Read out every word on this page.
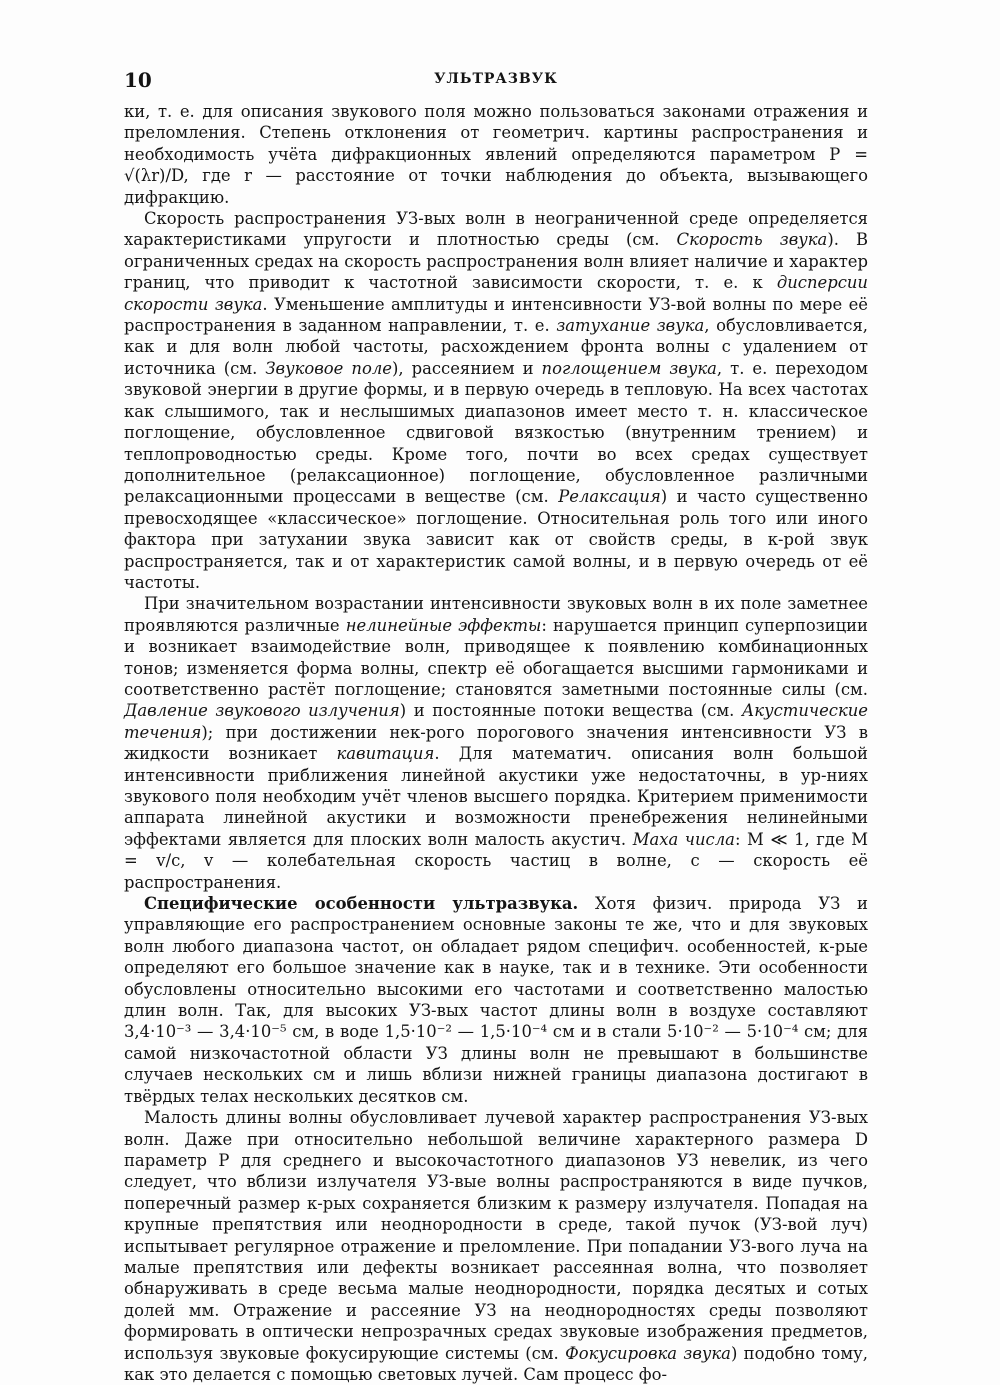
10	УЛЬТРАЗВУК

ки, т. е. для описания звукового поля можно пользоваться законами отражения и преломления. Степень отклонения от геометрич. картины распространения и необходимость учёта дифракционных явлений определяются параметром P = √(λr)/D, где r — расстояние от точки наблюдения до объекта, вызывающего дифракцию.

Скорость распространения УЗ-вых волн в неограниченной среде определяется характеристиками упругости и плотностью среды (см. Скорость звука). В ограниченных средах на скорость распространения волн влияет наличие и характер границ, что приводит к частотной зависимости скорости, т. е. к дисперсии скорости звука. Уменьшение амплитуды и интенсивности УЗ-вой волны по мере её распространения в заданном направлении, т. е. затухание звука, обусловливается, как и для волн любой частоты, расхождением фронта волны с удалением от источника (см. Звуковое поле), рассеянием и поглощением звука, т. е. переходом звуковой энергии в другие формы, и в первую очередь в тепловую. На всех частотах как слышимого, так и неслышимых диапазонов имеет место т. н. классическое поглощение, обусловленное сдвиговой вязкостью (внутренним трением) и теплопроводностью среды. Кроме того, почти во всех средах существует дополнительное (релаксационное) поглощение, обусловленное различными релаксационными процессами в веществе (см. Релаксация) и часто существенно превосходящее «классическое» поглощение. Относительная роль того или иного фактора при затухании звука зависит как от свойств среды, в к-рой звук распространяется, так и от характеристик самой волны, и в первую очередь от её частоты.

При значительном возрастании интенсивности звуковых волн в их поле заметнее проявляются различные нелинейные эффекты: нарушается принцип суперпозиции и возникает взаимодействие волн, приводящее к появлению комбинационных тонов; изменяется форма волны, спектр её обогащается высшими гармониками и соответственно растёт поглощение; становятся заметными постоянные силы (см. Давление звукового излучения) и постоянные потоки вещества (см. Акустические течения); при достижении нек-рого порогового значения интенсивности УЗ в жидкости возникает кавитация. Для математич. описания волн большой интенсивности приближения линейной акустики уже недостаточны, в ур-ниях звукового поля необходим учёт членов высшего порядка. Критерием применимости аппарата линейной акустики и возможности пренебрежения нелинейными эффектами является для плоских волн малость акустич. Маха числа: M ≪ 1, где M = v/c, v — колебательная скорость частиц в волне, c — скорость её распространения.

Специфические особенности ультразвука. Хотя физич. природа УЗ и управляющие его распространением основные законы те же, что и для звуковых волн любого диапазона частот, он обладает рядом специфич. особенностей, к-рые определяют его большое значение как в науке, так и в технике. Эти особенности обусловлены относительно высокими его частотами и соответственно малостью длин волн. Так, для высоких УЗ-вых частот длины волн в воздухе составляют 3,4·10⁻³ — 3,4·10⁻⁵ см, в воде 1,5·10⁻² — 1,5·10⁻⁴ см и в стали 5·10⁻² — 5·10⁻⁴ см; для самой низкочастотной области УЗ длины волн не превышают в большинстве случаев нескольких см и лишь вблизи нижней границы диапазона достигают в твёрдых телах нескольких десятков см.

Малость длины волны обусловливает лучевой характер распространения УЗ-вых волн. Даже при относительно небольшой величине характерного размера D параметр P для среднего и высокочастотного диапазонов УЗ невелик, из чего следует, что вблизи излучателя УЗ-вые волны распространяются в виде пучков, поперечный размер к-рых сохраняется близким к размеру излучателя. Попадая на крупные препятствия или неоднородности в среде, такой пучок (УЗ-вой луч) испытывает регулярное отражение и преломление. При попадании УЗ-вого луча на малые препятствия или дефекты возникает рассеянная волна, что позволяет обнаруживать в среде весьма малые неоднородности, порядка десятых и сотых долей мм. Отражение и рассеяние УЗ на неоднородностях среды позволяют формировать в оптически непрозрачных средах звуковые изображения предметов, используя звуковые фокусирующие системы (см. Фокусировка звука) подобно тому, как это делается с помощью световых лучей. Сам процесс фо-
